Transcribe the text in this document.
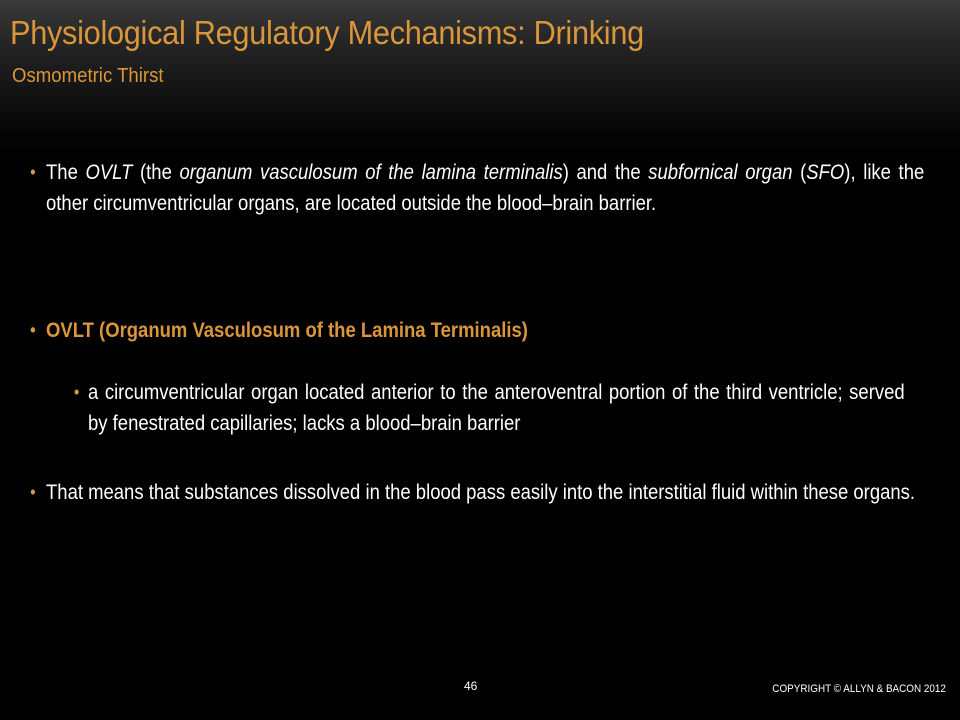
Physiological Regulatory Mechanisms: Drinking
Osmometric Thirst
• The OVLT (the organum vasculosum of the lamina terminalis) and the subfornical organ (SFO), like the other circumventricular organs, are located outside the blood–brain barrier.
• OVLT (Organum Vasculosum of the Lamina Terminalis)
• a circumventricular organ located anterior to the anteroventral portion of the third ventricle; served by fenestrated capillaries; lacks a blood–brain barrier
• That means that substances dissolved in the blood pass easily into the interstitial fluid within these organs.
46	COPYRIGHT © ALLYN & BACON 2012
